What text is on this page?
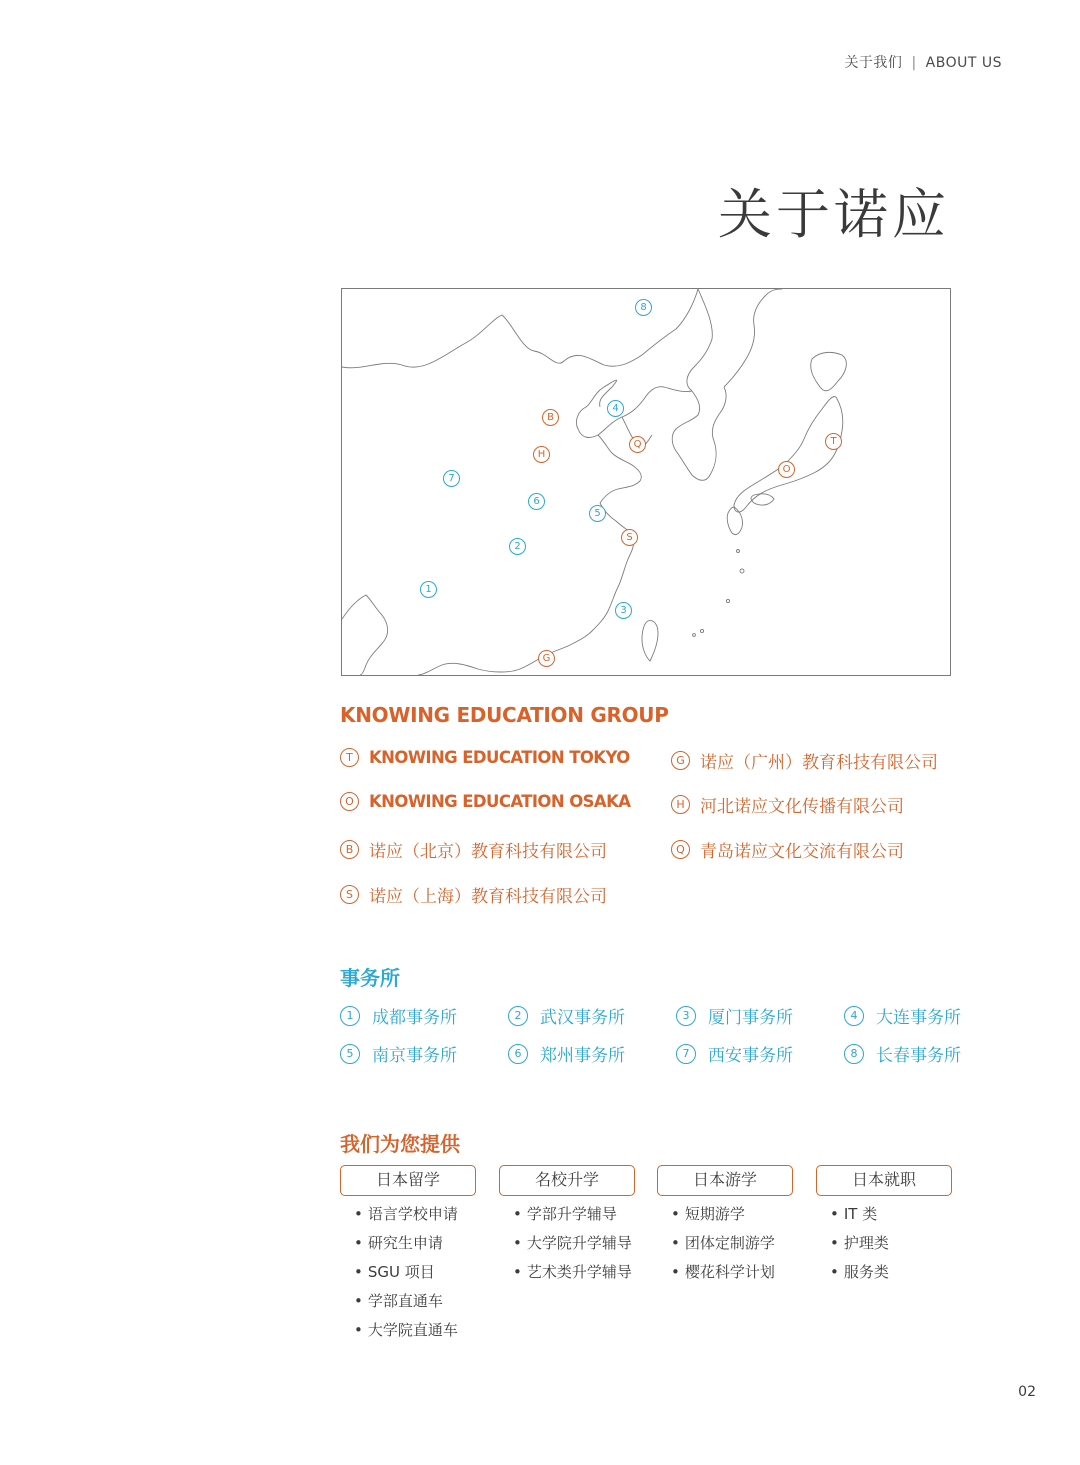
关于我们 | ABOUT US
关于诺应
8
B
4
Q
H
T
O
7
6
5
S
2
1
3
G
KNOWING EDUCATION GROUP
T KNOWING EDUCATION TOKYO
O KNOWING EDUCATION OSAKA
B 诺应（北京）教育科技有限公司
S 诺应（上海）教育科技有限公司
G 诺应（广州）教育科技有限公司
H 河北诺应文化传播有限公司
Q 青岛诺应文化交流有限公司
事务所
1	成都事务所	2	武汉事务所	3	厦门事务所	4	大连事务所
5	南京事务所	6	郑州事务所	7	西安事务所	8	长春事务所
我们为您提供
日本留学
• 语言学校申请
• 研究生申请
• SGU 项目
• 学部直通车
• 大学院直通车
名校升学
• 学部升学辅导
• 大学院升学辅导
• 艺术类升学辅导
日本游学
• 短期游学
• 团体定制游学
• 樱花科学计划
日本就职
• IT 类
• 护理类
• 服务类
02
